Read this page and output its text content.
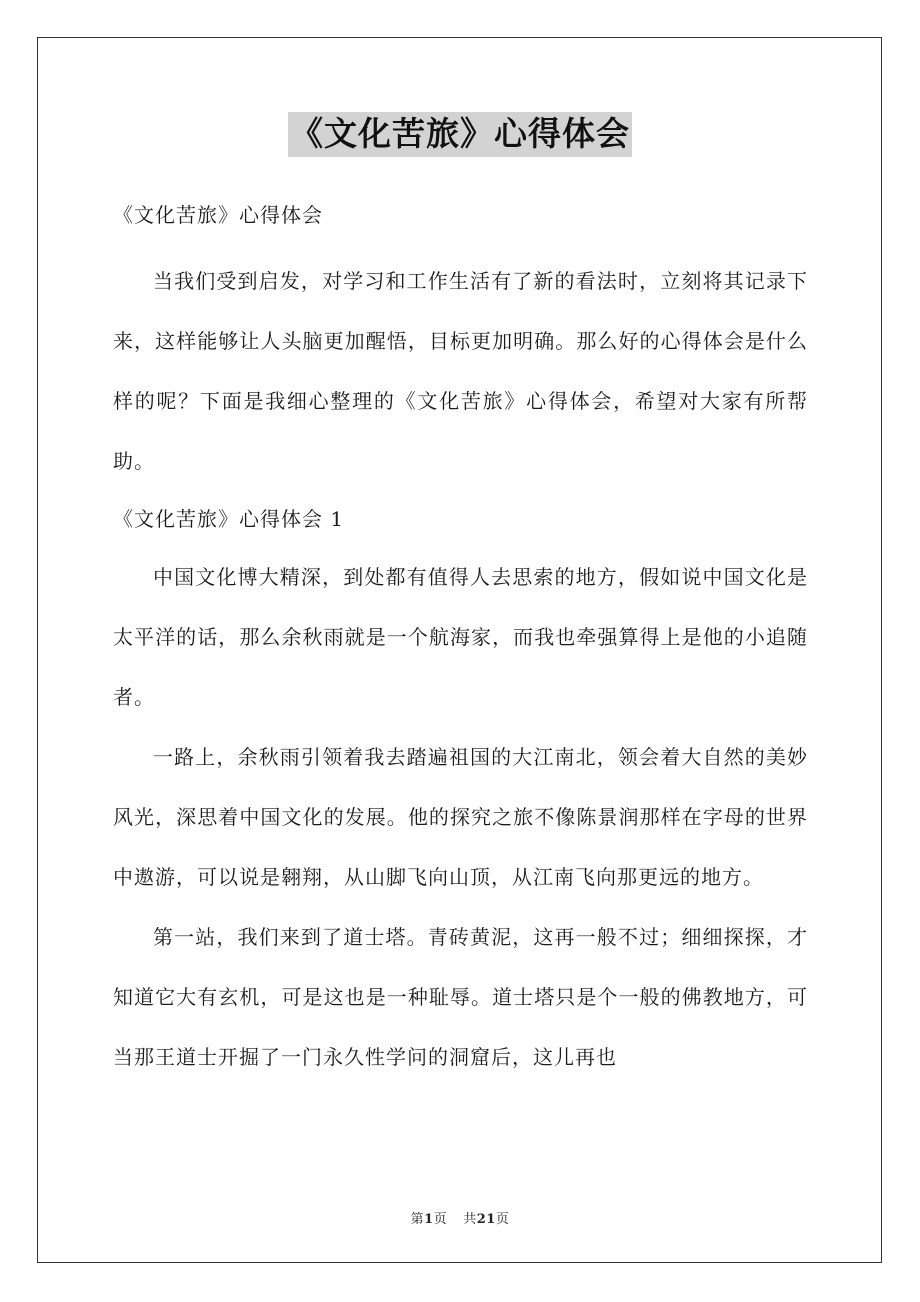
《文化苦旅》心得体会

《文化苦旅》心得体会

当我们受到启发，对学习和工作生活有了新的看法时，立刻将其记录下来，这样能够让人头脑更加醒悟，目标更加明确。那么好的心得体会是什么样的呢？下面是我细心整理的《文化苦旅》心得体会，希望对大家有所帮助。

《文化苦旅》心得体会 1

中国文化博大精深，到处都有值得人去思索的地方，假如说中国文化是太平洋的话，那么余秋雨就是一个航海家，而我也牵强算得上是他的小追随者。

一路上，余秋雨引领着我去踏遍祖国的大江南北，领会着大自然的美妙风光，深思着中国文化的发展。他的探究之旅不像陈景润那样在字母的世界中遨游，可以说是翱翔，从山脚飞向山顶，从江南飞向那更远的地方。

第一站，我们来到了道士塔。青砖黄泥，这再一般不过；细细探探，才知道它大有玄机，可是这也是一种耻辱。道士塔只是个一般的佛教地方，可当那王道士开掘了一门永久性学问的洞窟后，这儿再也

第1页 共21页
